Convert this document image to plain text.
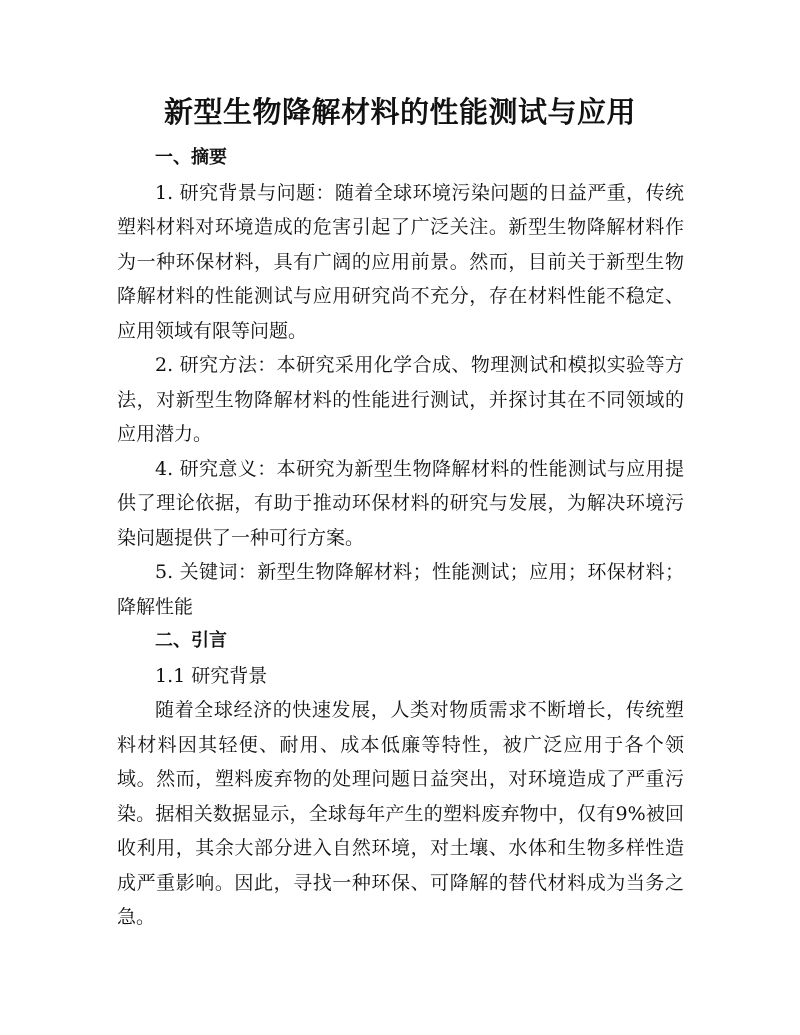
新型生物降解材料的性能测试与应用

一、摘要

1. 研究背景与问题：随着全球环境污染问题的日益严重，传统塑料材料对环境造成的危害引起了广泛关注。新型生物降解材料作为一种环保材料，具有广阔的应用前景。然而，目前关于新型生物降解材料的性能测试与应用研究尚不充分，存在材料性能不稳定、应用领域有限等问题。

2. 研究方法：本研究采用化学合成、物理测试和模拟实验等方法，对新型生物降解材料的性能进行测试，并探讨其在不同领域的应用潜力。

4. 研究意义：本研究为新型生物降解材料的性能测试与应用提供了理论依据，有助于推动环保材料的研究与发展，为解决环境污染问题提供了一种可行方案。

5. 关键词：新型生物降解材料；性能测试；应用；环保材料；降解性能

二、引言

1.1 研究背景

随着全球经济的快速发展，人类对物质需求不断增长，传统塑料材料因其轻便、耐用、成本低廉等特性，被广泛应用于各个领域。然而，塑料废弃物的处理问题日益突出，对环境造成了严重污染。据相关数据显示，全球每年产生的塑料废弃物中，仅有9%被回收利用，其余大部分进入自然环境，对土壤、水体和生物多样性造成严重影响。因此，寻找一种环保、可降解的替代材料成为当务之急。
